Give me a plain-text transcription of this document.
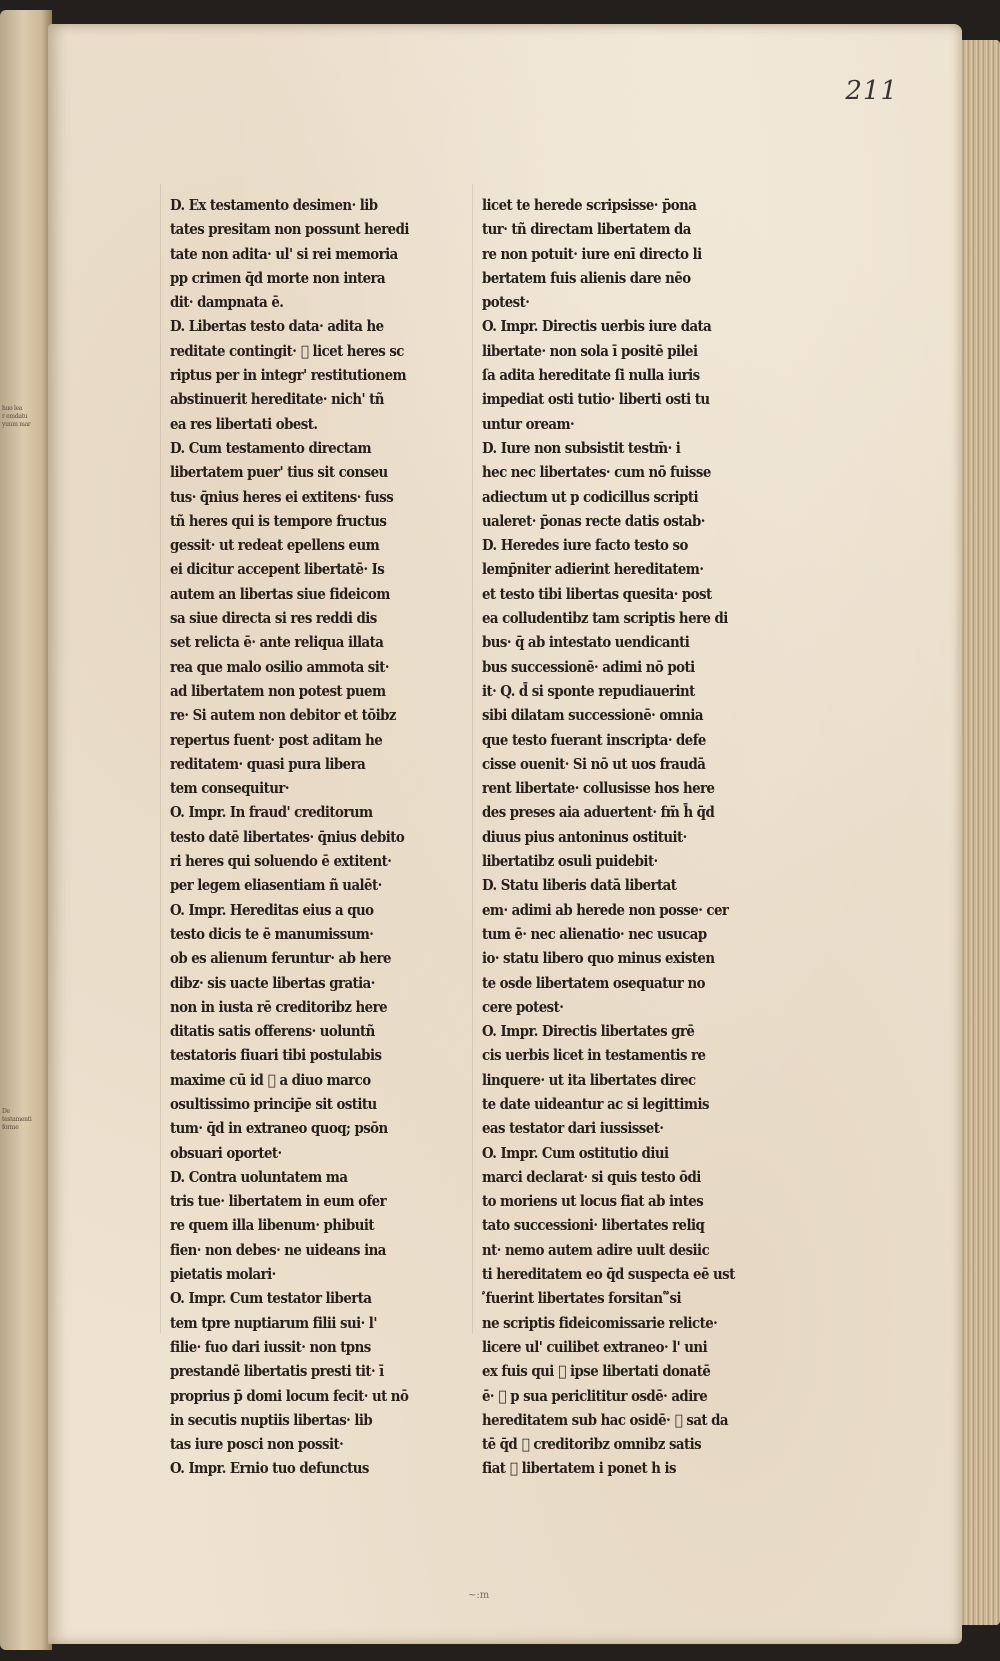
huo lea
r emdatu
yuum mar
De testamenti
forme
211
D. Ex testamento desimen· lib
tates presitam non possunt heredi
tate non adita· ul' si rei memoria
pp crimen q̄d morte non intera
dit· dampnata ē.
D. Libertas testo data· adita he
reditate contingit· ᷑ licet heres sc
riptus per in integr' restitutionem
abstinuerit hereditate· nich' tñ
ea res libertati obest.
D. Cum testamento directam
libertatem puer' tius sit conseu
tus· q̄nius heres ei extitens· fuss
tñ heres qui is tempore fructus
gessit· ut redeat epellens eum
ei dicitur accepent libertatē· Is
autem an libertas siue fideicom
sa siue directa si res reddi dis
set relicta ē· ante reliqua illata
rea que malo osilio ammota sit·
ad libertatem non potest puem
re· Si autem non debitor et tōibz
repertus fuent· post aditam he
reditatem· quasi pura libera
tem consequitur·
O. Impr. In fraud' creditorum
testo datē libertates· q̄nius debito
ri heres qui soluendo ē extitent·
per legem eliasentiam ñ ualēt·
O. Impr. Hereditas eius a quo
testo dicis te ē manumissum·
ob es alienum feruntur· ab here
dibz· sis uacte libertas gratia·
non in iusta rē creditoribz here
ditatis satis offerens· uoluntñ
testatoris fiuari tibi postulabis
maxime cū id ᷑ a diuo marco
osultissimo princip̄e sit ostitu
tum· q̄d in extraneo quoq; psōn
obsuari oportet·
D. Contra uoluntatem ma
tris tue· libertatem in eum ofer
re quem illa libenum· phibuit
fien· non debes· ne uideans ina
pietatis molari·
O. Impr. Cum testator liberta
tem tpre nuptiarum filii sui· l'
filie· fuo dari iussit· non tpns
prestandē libertatis presti tit· ī
proprius p̄ domi locum fecit· ut nō
in secutis nuptiis libertas· lib
tas iure posci non possit·
O. Impr. Ernio tuo defunctus
licet te herede scripsisse· p̄ona
tur· tñ directam libertatem da
re non potuit· iure enī directo li
bertatem fuis alienis dare nēo
potest·
O. Impr. Directis uerbis iure data
libertate· non sola ī positē pilei
ſa adita hereditate ſi nulla iuris
impediat osti tutio· liberti osti tu
untur oream·
D. Iure non subsistit testm̄· i
hec nec libertates· cum nō fuisse
adiectum ut p codicillus scripti
ualeret· p̄onas recte datis ostab·
D. Heredes iure facto testo so
lemp̄niter adierint hereditatem·
et testo tibi libertas quesita· post
ea colludentibz tam scriptis here di
bus· q̄ ab intestato uendicanti
bus successionē· adimi nō poti
it· Q. d̄ si sponte repudiauerint
sibi dilatam successionē· omnia
que testo fuerant inscripta· defe
cisse ouenit· Si nō ut uos fraudā
rent libertate· collusisse hos here
des preses aia aduertent· fm̄ h̄ q̄d
diuus pius antoninus ostituit·
libertatibz osuli puidebit·
D. Statu liberis datā libertat
em· adimi ab herede non posse· cer
tum ē· nec alienatio· nec usucap
io· statu libero quo minus existen
te osde libertatem osequatur no
cere potest·
O. Impr. Directis libertates grē
cis uerbis licet in testamentis re
linquere· ut ita libertates direc
te date uideantur ac si legittimis
eas testator dari iussisset·
O. Impr. Cum ostitutio diui
marci declarat· si quis testo ōdi
to moriens ut locus fiat ab intes
tato successioni· libertates reliq
nt· nemo autem adire uult desiic
ti hereditatem eo q̄d suspecta eē ust
᷑ fuerint libertates forsitan ᷑ si
ne scriptis fideicomissarie relicte·
licere ul' cuilibet extraneo· l' uni
ex fuis qui ᷑ ipse libertati donatē
ē· ᷑ p sua periclititur osdē· adire
hereditatem sub hac osidē· ᷑ sat da
tē q̄d ᷑ creditoribz omnibz satis
fiat ᷑ libertatem i ponet h is
~:m
